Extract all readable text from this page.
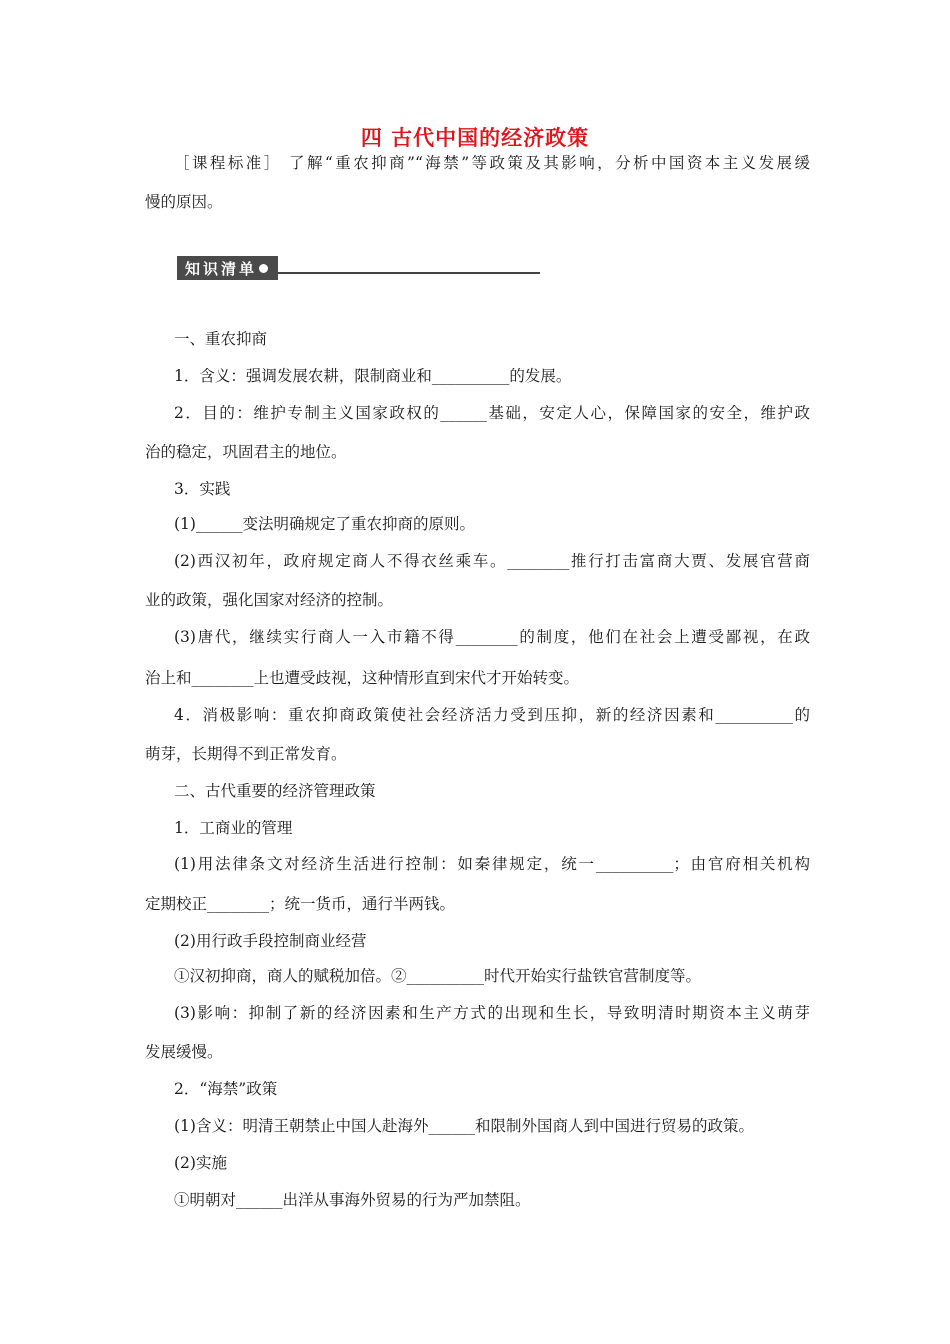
四 古代中国的经济政策
［课程标准］ 了解“重农抑商”“海禁”等政策及其影响，分析中国资本主义发展缓
慢的原因。
知识清单
一、重农抑商
1．含义：强调发展农耕，限制商业和__________的发展。
2．目的：维护专制主义国家政权的______基础，安定人心，保障国家的安全，维护政
治的稳定，巩固君主的地位。
3．实践
(1)______变法明确规定了重农抑商的原则。
(2)西汉初年，政府规定商人不得衣丝乘车。________推行打击富商大贾、发展官营商
业的政策，强化国家对经济的控制。
(3)唐代，继续实行商人一入市籍不得________的制度，他们在社会上遭受鄙视，在政
治上和________上也遭受歧视，这种情形直到宋代才开始转变。
4．消极影响：重农抑商政策使社会经济活力受到压抑，新的经济因素和__________的
萌芽，长期得不到正常发育。
二、古代重要的经济管理政策
1．工商业的管理
(1)用法律条文对经济生活进行控制：如秦律规定，统一__________；由官府相关机构
定期校正________；统一货币，通行半两钱。
(2)用行政手段控制商业经营
①汉初抑商，商人的赋税加倍。②__________时代开始实行盐铁官营制度等。
(3)影响：抑制了新的经济因素和生产方式的出现和生长，导致明清时期资本主义萌芽
发展缓慢。
2．“海禁”政策
(1)含义：明清王朝禁止中国人赴海外______和限制外国商人到中国进行贸易的政策。
(2)实施
①明朝对______出洋从事海外贸易的行为严加禁阻。
